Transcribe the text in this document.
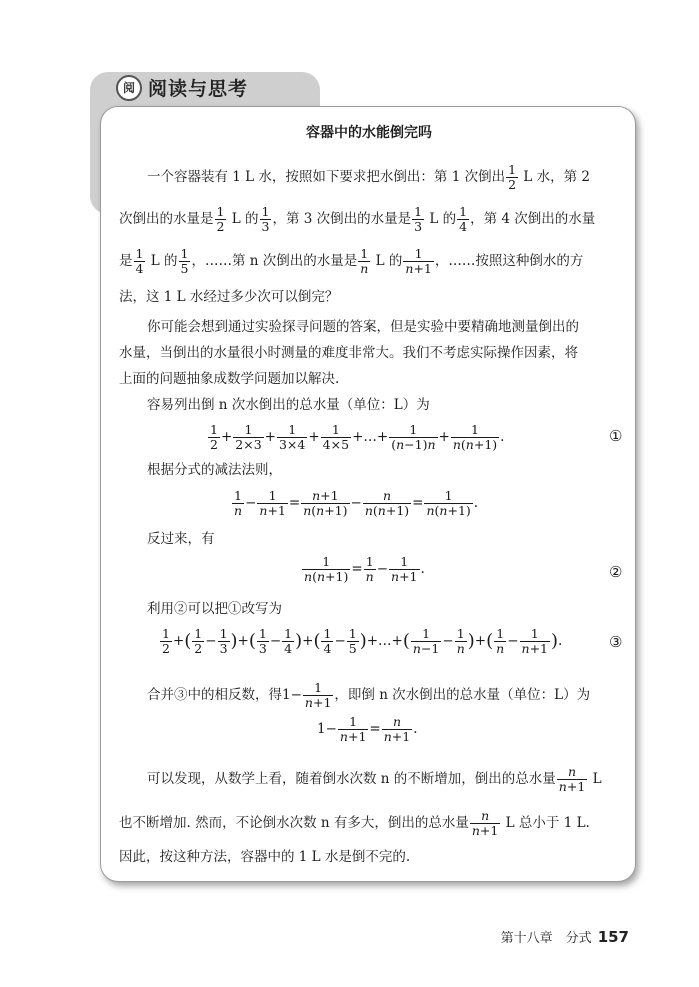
阅 阅读与思考
容器中的水能倒完吗
一个容器装有 1 L 水，按照如下要求把水倒出：第 1 次倒出 $\frac{1}{2}$ L 水，第 2
次倒出的水量是 $\frac{1}{2}$ L 的 $\frac{1}{3}$ ，第 3 次倒出的水量是 $\frac{1}{3}$ L 的 $\frac{1}{4}$ ，第 4 次倒出的水量
是 $\frac{1}{4}$ L 的 $\frac{1}{5}$ ，……第 n 次倒出的水量是 $\frac{1}{n}$ L 的 $\frac{1}{n+1}$ ，……按照这种倒水的方
法，这 1 L 水经过多少次可以倒完？
你可能会想到通过实验探寻问题的答案，但是实验中要精确地测量倒出的
水量，当倒出的水量很小时测量的难度非常大。我们不考虑实际操作因素，将
上面的问题抽象成数学问题加以解决.
容易列出倒 n 次水倒出的总水量（单位：L）为
$\frac{1}{2} + \frac{1}{2\times 3} + \frac{1}{3\times 4} + \frac{1}{4\times 5}$ +…+ $\frac{1}{(n-1)n} + \frac{1}{n(n+1)}$ .	①
根据分式的减法法则，
$\frac{1}{n} - \frac{1}{n+1} = \frac{n+1}{n(n+1)} - \frac{n}{n(n+1)} = \frac{1}{n(n+1)}$ .
反过来，有
$\frac{1}{n(n+1)} = \frac{1}{n} - \frac{1}{n+1}$ .	②
利用②可以把①改写为
$\frac{1}{2}$ +( $\frac{1}{2} - \frac{1}{3}$ )+( $\frac{1}{3} - \frac{1}{4}$ )+( $\frac{1}{4} - \frac{1}{5}$ )+…+( $\frac{1}{n-1} - \frac{1}{n}$ )+( $\frac{1}{n} - \frac{1}{n+1}$ ).	③
合并③中的相反数，得$1- \frac{1}{n+1}$ ，即倒 n 次水倒出的总水量（单位：L）为
$1- \frac{1}{n+1} = \frac{n}{n+1}$ .
可以发现，从数学上看，随着倒水次数 n 的不断增加，倒出的总水量 $\frac{n}{n+1}$ L
也不断增加. 然而，不论倒水次数 n 有多大，倒出的总水量 $\frac{n}{n+1}$ L 总小于 1 L.
因此，按这种方法，容器中的 1 L 水是倒不完的.
第十八章　分式 157
